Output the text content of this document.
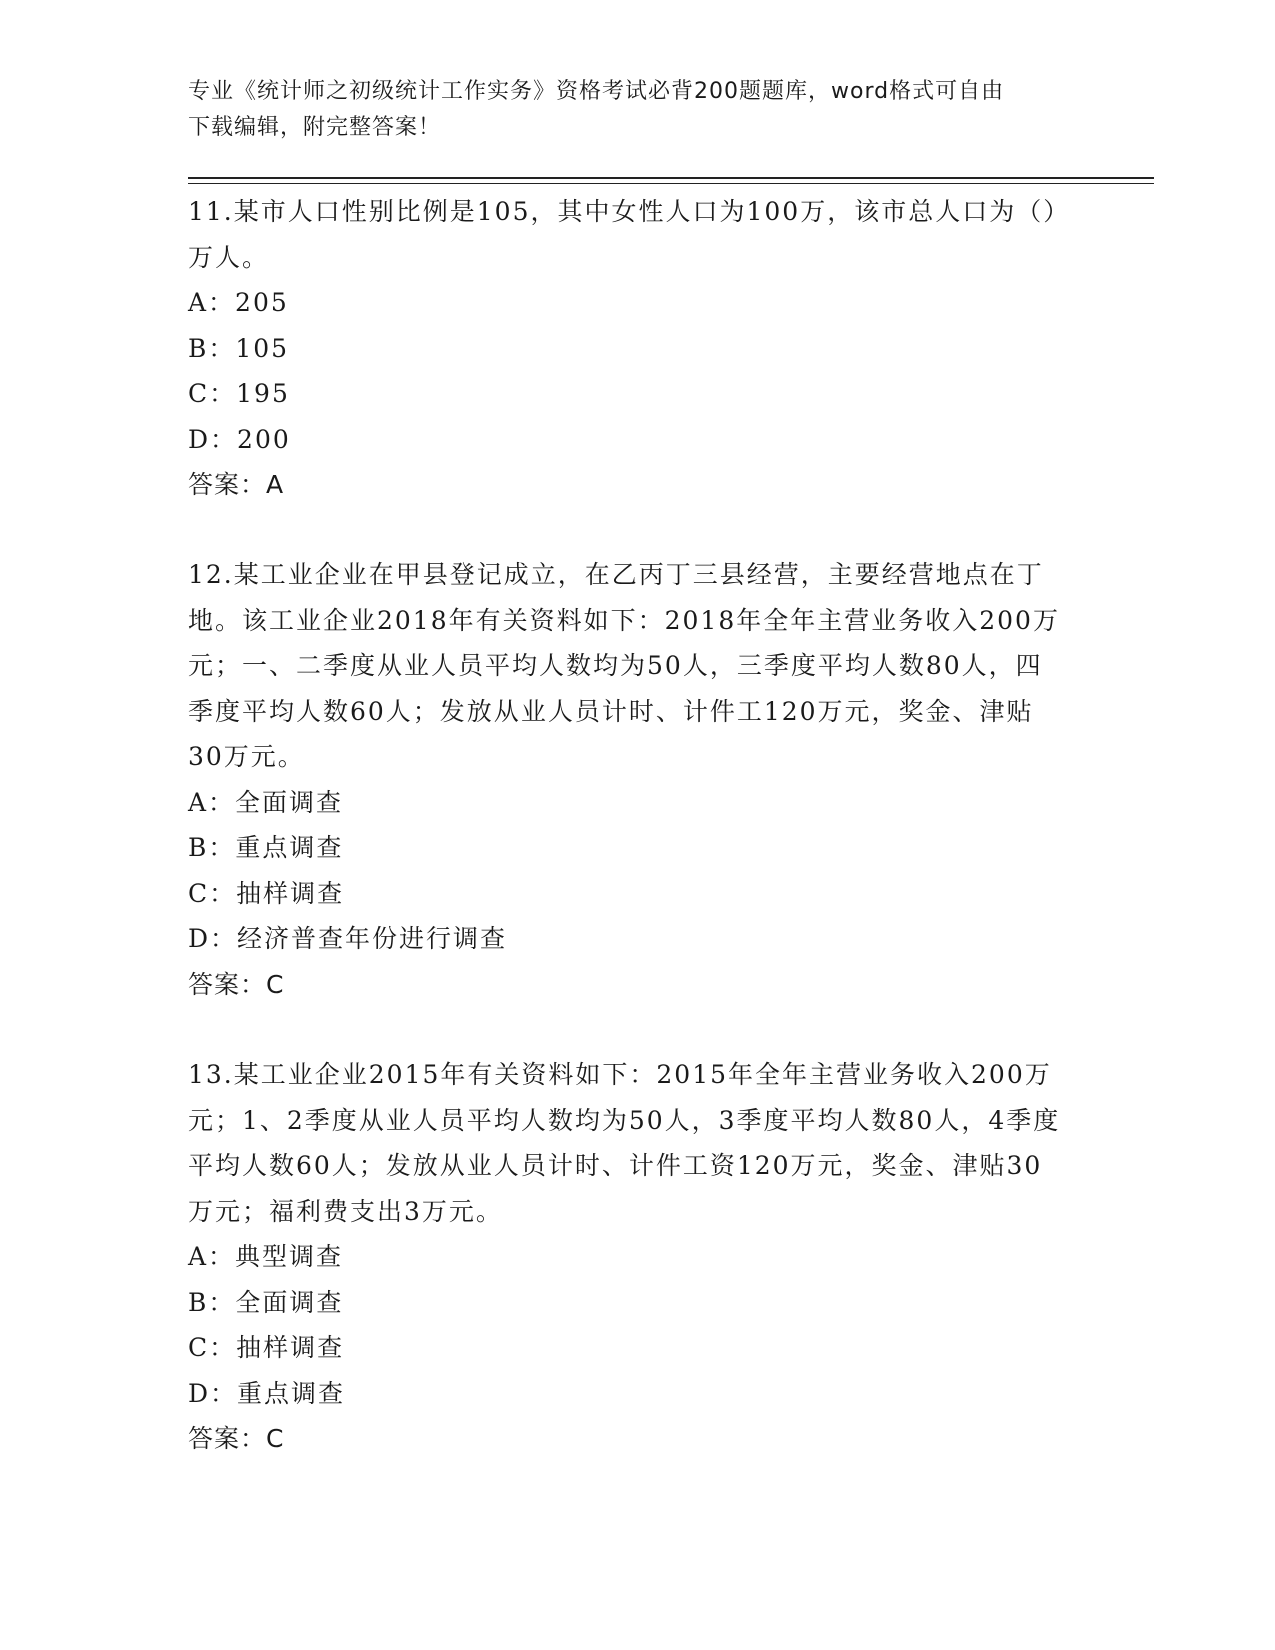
专业《统计师之初级统计工作实务》资格考试必背200题题库，word格式可自由
下载编辑，附完整答案！

11.某市人口性别比例是105，其中女性人口为100万，该市总人口为（）万人。

A：205

B：105

C：195

D：200

答案：A

12.某工业企业在甲县登记成立，在乙丙丁三县经营，主要经营地点在丁地。该工业企业2018年有关资料如下：2018年全年主营业务收入200万元；一、二季度从业人员平均人数均为50人，三季度平均人数80人，四季度平均人数60人；发放从业人员计时、计件工120万元，奖金、津贴30万元。

A：全面调查

B：重点调查

C：抽样调查

D：经济普查年份进行调查

答案：C

13.某工业企业2015年有关资料如下：2015年全年主营业务收入200万元；1、2季度从业人员平均人数均为50人，3季度平均人数80人，4季度平均人数60人；发放从业人员计时、计件工资120万元，奖金、津贴30万元；福利费支出3万元。

A：典型调查

B：全面调查

C：抽样调查

D：重点调查

答案：C
